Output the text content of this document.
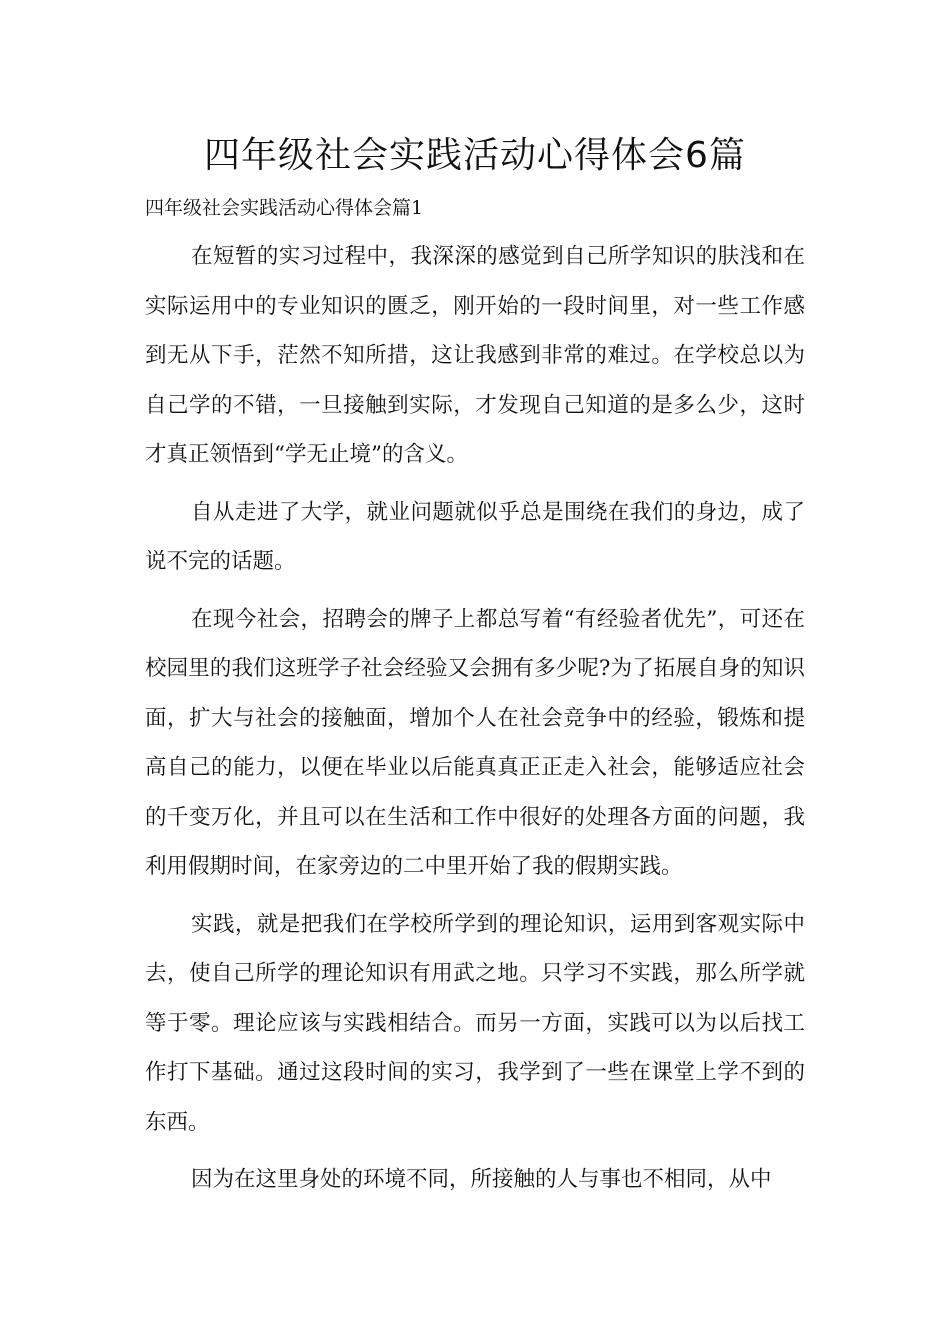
四年级社会实践活动心得体会6篇
四年级社会实践活动心得体会篇1

在短暂的实习过程中，我深深的感觉到自己所学知识的肤浅和在实际运用中的专业知识的匮乏，刚开始的一段时间里，对一些工作感到无从下手，茫然不知所措，这让我感到非常的难过。在学校总以为自己学的不错，一旦接触到实际，才发现自己知道的是多么少，这时才真正领悟到“学无止境”的含义。

自从走进了大学，就业问题就似乎总是围绕在我们的身边，成了说不完的话题。

在现今社会，招聘会的牌子上都总写着“有经验者优先”，可还在校园里的我们这班学子社会经验又会拥有多少呢?为了拓展自身的知识面，扩大与社会的接触面，增加个人在社会竞争中的经验，锻炼和提高自己的能力，以便在毕业以后能真真正正走入社会，能够适应社会的千变万化，并且可以在生活和工作中很好的处理各方面的问题，我利用假期时间，在家旁边的二中里开始了我的假期实践。

实践，就是把我们在学校所学到的理论知识，运用到客观实际中去，使自己所学的理论知识有用武之地。只学习不实践，那么所学就等于零。理论应该与实践相结合。而另一方面，实践可以为以后找工作打下基础。通过这段时间的实习，我学到了一些在课堂上学不到的东西。

因为在这里身处的环境不同，所接触的人与事也不相同，从中
